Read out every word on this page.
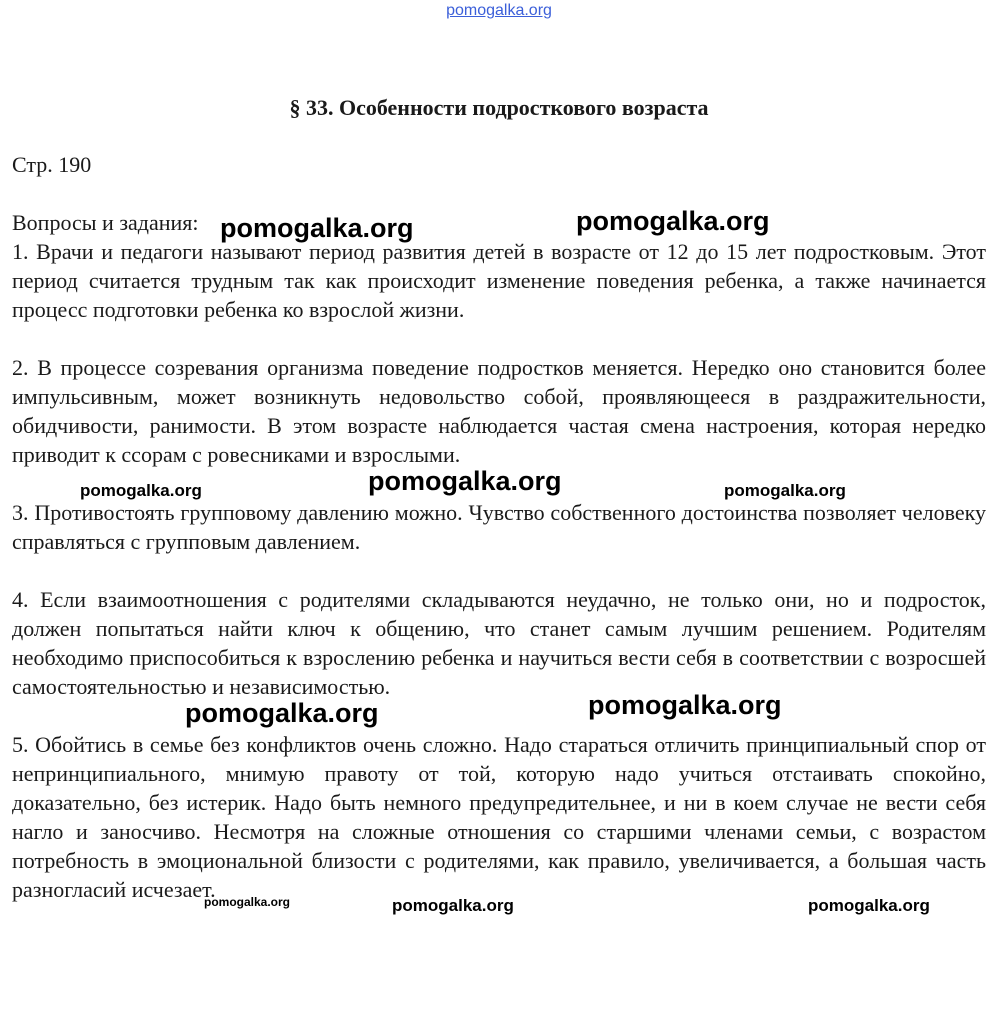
pomogalka.org
§ 33. Особенности подросткового возраста

Стр. 190

Вопросы и задания:

1. Врачи и педагоги называют период развития детей в возрасте от 12 до 15 лет подростковым. Этот период считается трудным так как происходит изменение поведения ребенка, а также начинается процесс подготовки ребенка ко взрослой жизни.

2. В процессе созревания организма поведение подростков меняется. Нередко оно становится более импульсивным, может возникнуть недовольство собой, проявляющееся в раздражительности, обидчивости, ранимости. В этом возрасте наблюдается частая смена настроения, которая нередко приводит к ссорам с ровесниками и взрослыми.

3. Противостоять групповому давлению можно. Чувство собственного достоинства позволяет человеку справляться с групповым давлением.

4. Если взаимоотношения с родителями складываются неудачно, не только они, но и подросток, должен попытаться найти ключ к общению, что станет самым лучшим решением. Родителям необходимо приспособиться к взрослению ребенка и научиться вести себя в соответствии с возросшей самостоятельностью и независимостью.

5. Обойтись в семье без конфликтов очень сложно. Надо стараться отличить принципиальный спор от непринципиального, мнимую правоту от той, которую надо учиться отстаивать спокойно, доказательно, без истерик. Надо быть немного предупредительнее, и ни в коем случае не вести себя нагло и заносчиво. Несмотря на сложные отношения со старшими членами семьи, с возрастом потребность в эмоциональной близости с родителями, как правило, увеличивается, а большая часть разногласий исчезает.

pomogalka.org	pomogalka.org
pomogalka.org	pomogalka.org	pomogalka.org
pomogalka.org	pomogalka.org
pomogalka.org	pomogalka.org	pomogalka.org
